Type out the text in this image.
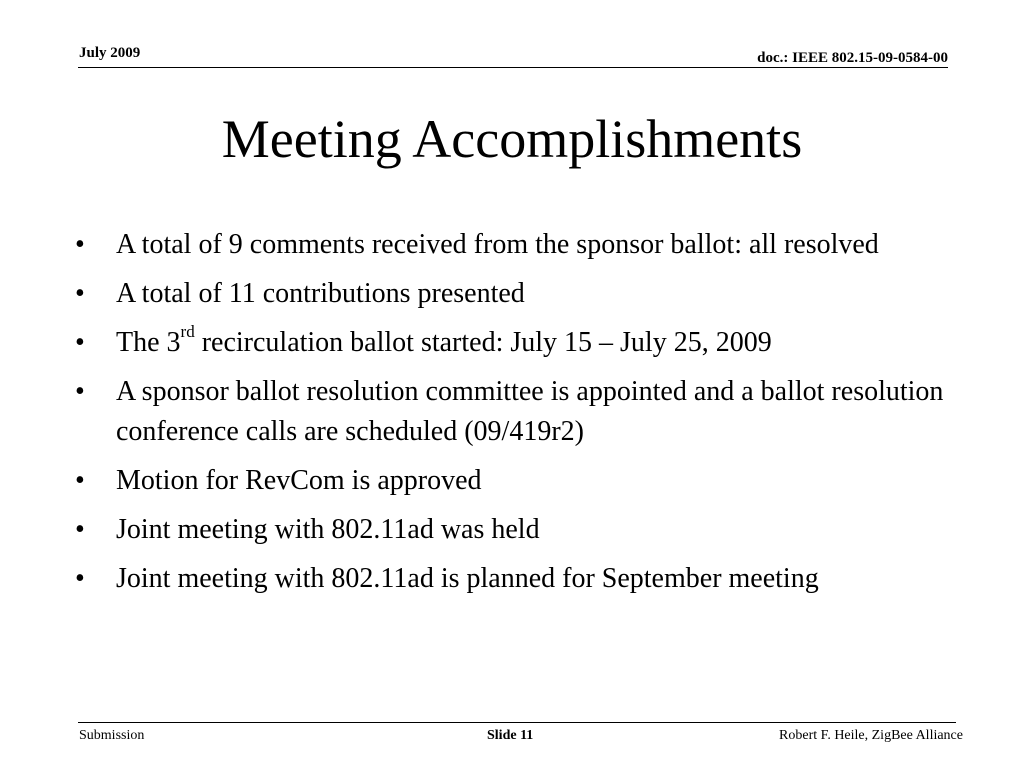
July 2009	doc.: IEEE 802.15-09-0584-00
Meeting Accomplishments
• A total of 9 comments received from the sponsor ballot: all resolved
• A total of 11 contributions presented
• The 3rd recirculation ballot started: July 15 – July 25, 2009
• A sponsor ballot resolution committee is appointed and a ballot resolution conference calls are scheduled (09/419r2)
• Motion for RevCom is approved
• Joint meeting with 802.11ad was held
• Joint meeting with 802.11ad is planned for September meeting
Submission	Slide 11	Robert F. Heile, ZigBee Alliance
